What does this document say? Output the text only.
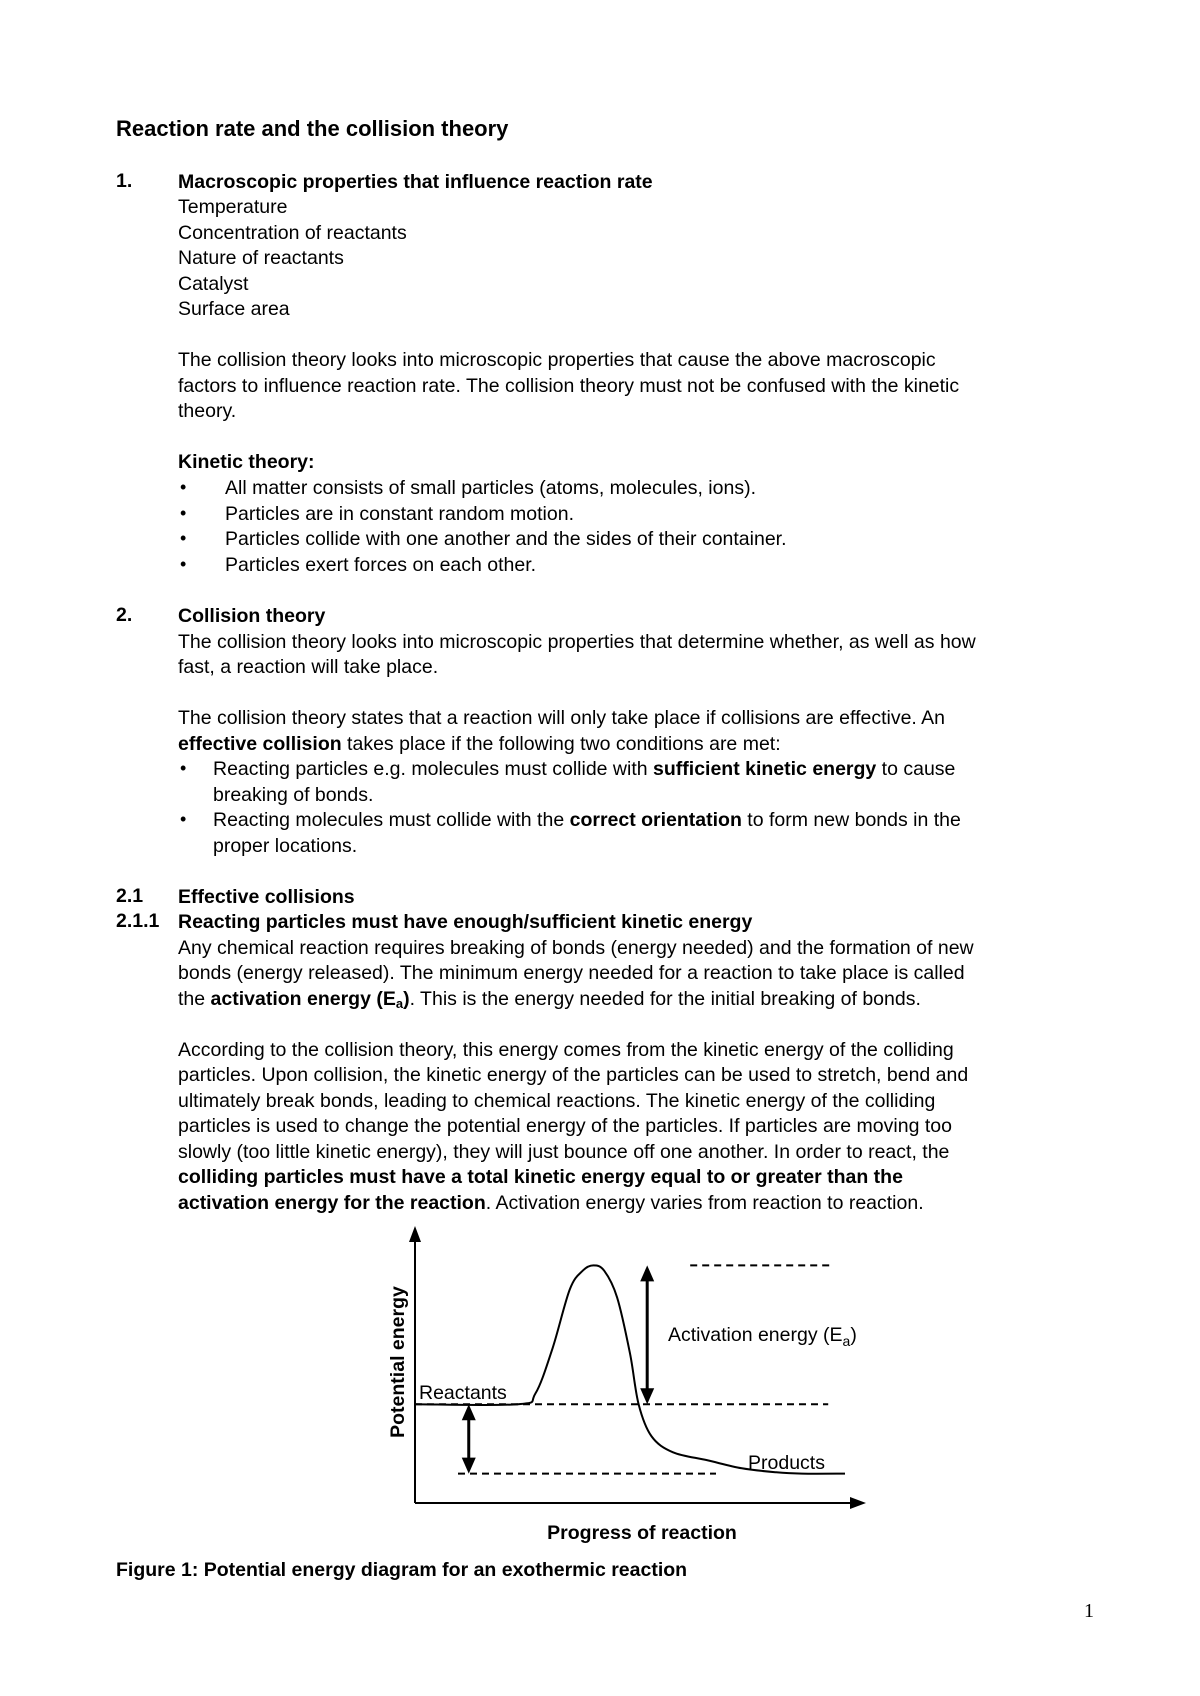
Reaction rate and the collision theory
1. Macroscopic properties that influence reaction rate
Temperature
Concentration of reactants
Nature of reactants
Catalyst
Surface area
The collision theory looks into microscopic properties that cause the above macroscopic
factors to influence reaction rate. The collision theory must not be confused with the kinetic
theory.
Kinetic theory:
• All matter consists of small particles (atoms, molecules, ions).
• Particles are in constant random motion.
• Particles collide with one another and the sides of their container.
• Particles exert forces on each other.
2. Collision theory
The collision theory looks into microscopic properties that determine whether, as well as how
fast, a reaction will take place.
The collision theory states that a reaction will only take place if collisions are effective. An
effective collision takes place if the following two conditions are met:
• Reacting particles e.g. molecules must collide with sufficient kinetic energy to cause
breaking of bonds.
• Reacting molecules must collide with the correct orientation to form new bonds in the
proper locations.
2.1 Effective collisions
2.1.1 Reacting particles must have enough/sufficient kinetic energy
Any chemical reaction requires breaking of bonds (energy needed) and the formation of new
bonds (energy released). The minimum energy needed for a reaction to take place is called
the activation energy $(E_a)$. This is the energy needed for the initial breaking of bonds.
According to the collision theory, this energy comes from the kinetic energy of the colliding
particles. Upon collision, the kinetic energy of the particles can be used to stretch, bend and
ultimately break bonds, leading to chemical reactions. The kinetic energy of the colliding
particles is used to change the potential energy of the particles. If particles are moving too
slowly (too little kinetic energy), they will just bounce off one another. In order to react, the
colliding particles must have a total kinetic energy equal to or greater than the
activation energy for the reaction. Activation energy varies from reaction to reaction.
Potential energy
Progress of reaction
Reactants
Products
Activation energy $(E_a)$
Figure 1: Potential energy diagram for an exothermic reaction
1
